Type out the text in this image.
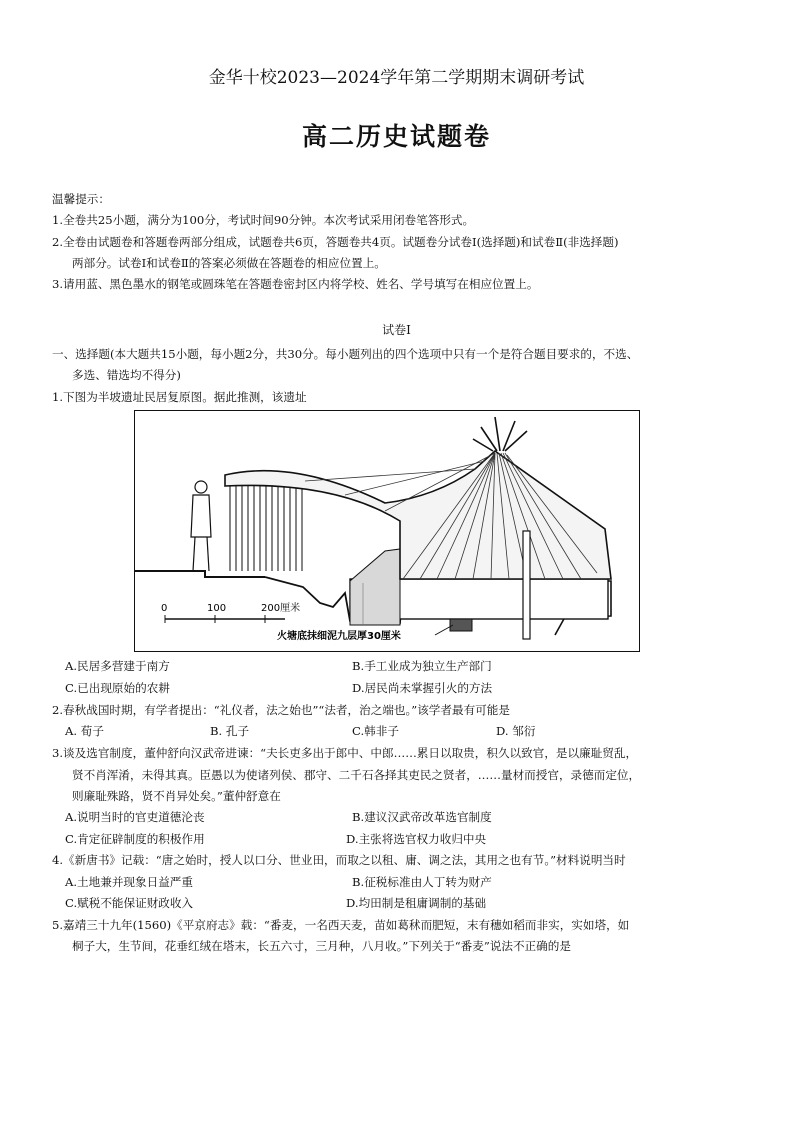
金华十校2023—2024学年第二学期期末调研考试
高二历史试题卷
温馨提示：
1.全卷共25小题，满分为100分，考试时间90分钟。本次考试采用闭卷笔答形式。
2.全卷由试题卷和答题卷两部分组成，试题卷共6页，答题卷共4页。试题卷分试卷Ⅰ(选择题)和试卷Ⅱ(非选择题)
两部分。试卷Ⅰ和试卷Ⅱ的答案必须做在答题卷的相应位置上。
3.请用蓝、黑色墨水的钢笔或圆珠笔在答题卷密封区内将学校、姓名、学号填写在相应位置上。
试卷Ⅰ
一、选择题(本大题共15小题，每小题2分，共30分。每小题列出的四个选项中只有一个是符合题目要求的，不选、
多选、错选均不得分)
1.下图为半坡遗址民居复原图。据此推测，该遗址
0	100	200厘米
火塘底抹细泥九层厚30厘米
A.民居多营建于南方	B.手工业成为独立生产部门
C.已出现原始的农耕	D.居民尚未掌握引火的方法
2.春秋战国时期，有学者提出：“礼仪者，法之始也”“法者，治之端也。”该学者最有可能是
A. 荀子	B. 孔子	C.韩非子	D. 邹衍
3.谈及选官制度，董仲舒向汉武帝进谏：“夫长吏多出于郎中、中郎……累日以取贵，积久以致官，是以廉耻贸乱，
贤不肖浑淆，未得其真。臣愚以为使诸列侯、郡守、二千石各择其吏民之贤者，……量材而授官，录德而定位，
则廉耻殊路，贤不肖异处矣。”董仲舒意在
A.说明当时的官吏道德沦丧	B.建议汉武帝改革选官制度
C.肯定征辟制度的积极作用	D.主张将选官权力收归中央
4.《新唐书》记载：“唐之始时，授人以口分、世业田，而取之以租、庸、调之法，其用之也有节。”材料说明当时
A.土地兼并现象日益严重	B.征税标准由人丁转为财产
C.赋税不能保证财政收入	D.均田制是租庸调制的基础
5.嘉靖三十九年(1560)《平京府志》载：“番麦，一名西天麦，苗如葛秫而肥短，末有穗如稻而非实，实如塔，如
桐子大，生节间，花垂红绒在塔末，长五六寸，三月种，八月收。”下列关于“番麦”说法不正确的是
